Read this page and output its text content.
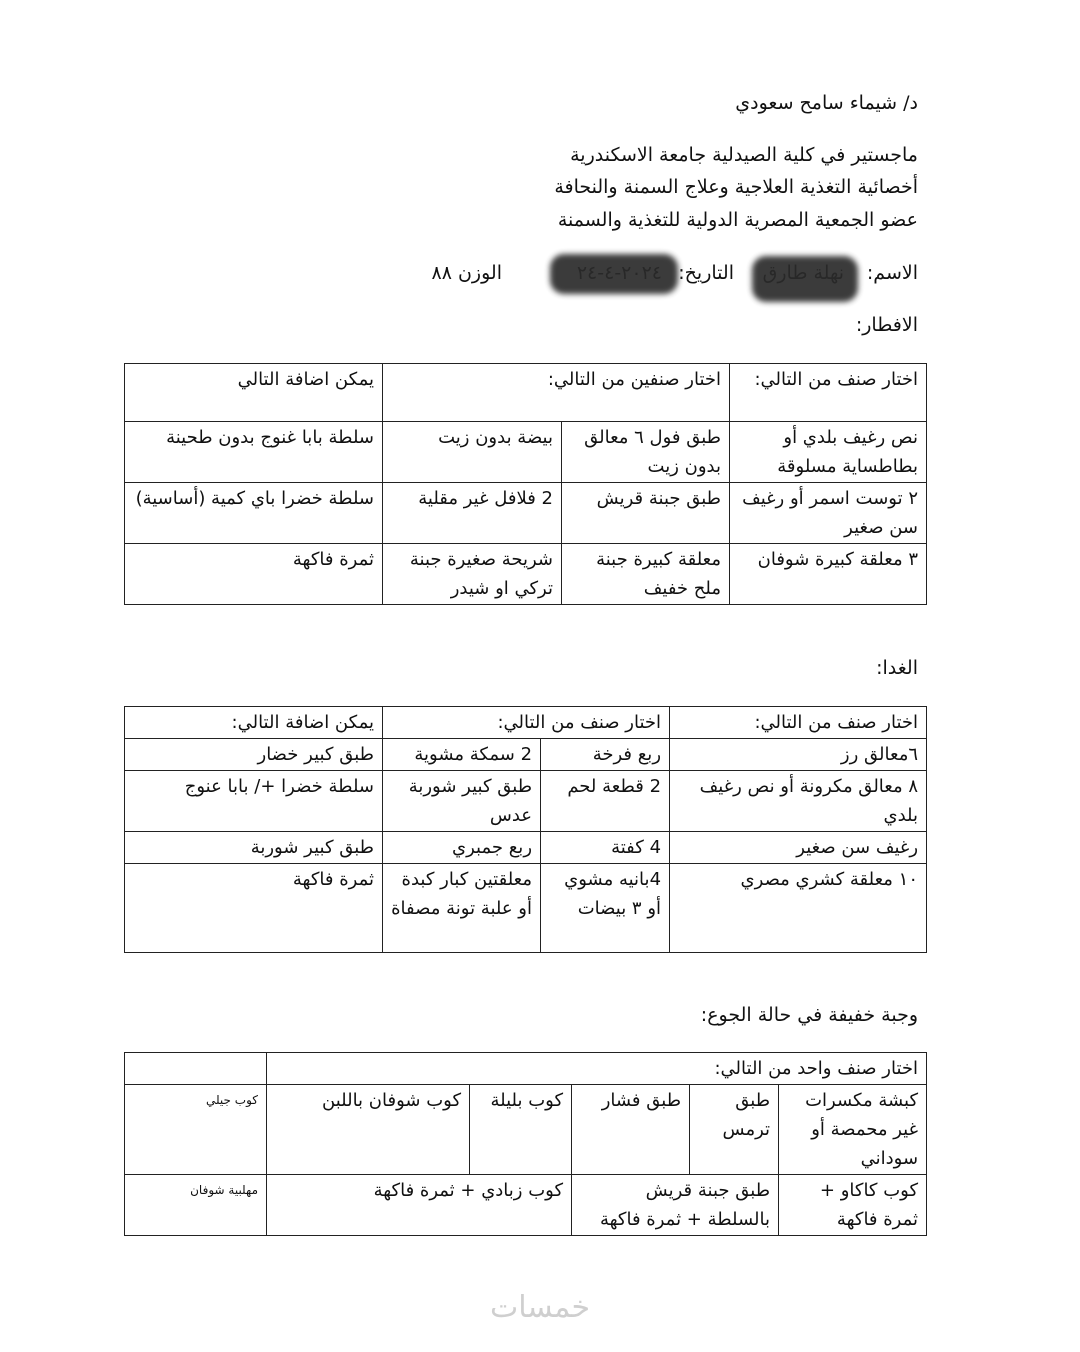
د/ شيماء سامح سعودي
ماجستير في كلية الصيدلية جامعة الاسكندرية
أخصائية التغذية العلاجية وعلاج السمنة والنحافة
عضو الجمعية المصرية الدولية للتغذية والسمنة
الاسم:
التاريخ:
الوزن ٨٨
الافطار:
اختار صنف من التالي:	اختار صنفين من التالي:		يمكن اضافة التالي
نص رغيف بلدي أو بطاطساية مسلوقة	طبق فول ٦ معالق بدون زيت	بيضة بدون زيت	سلطة بابا غنوج بدون طحينة
٢ توست اسمر أو رغيف سن صغير	طبق جبنة قريش	2 فلافل غير مقلية	سلطة خضرا باي كمية (أساسية)
٣ معلقة كبيرة شوفان	معلقة كبيرة جبنة ملح خفيف	شريحة صغيرة جبنة تركي او شيدر	ثمرة فاكهة
الغدا:
اختار صنف من التالي:	اختار صنف من التالي:		يمكن اضافة التالي:
٦معالق رز	ربع فرخة	2 سمكة مشوية	طبق كبير خضار
٨ معالق مكرونة أو نص رغيف بلدي	2 قطعة لحم	طبق كبير شوربة عدس	سلطة خضرا +/ بابا عنوج
رغيف سن صغير	4 كفتة	ربع جمبري	طبق كبير شوربة
١٠ معلقة كشري مصري	4بانيه مشوي أو ٣ بيضات	معلقتين كبار كبدة أو علبة تونة مصفاة	ثمرة فاكهة
وجبة خفيفة في حالة الجوع:
اختار صنف واحد من التالي:					
كبشة مكسرات غير محمصة أو سوداني	طبق ترمس	طبق فشار	كوب بليلة	كوب شوفان باللبن	كوب جيلي
كوب كاكاو + ثمرة فاكهة	طبق جبنة قريش بالسلطة + ثمرة فاكهة		كوب زبادي + ثمرة فاكهة		مهلبية شوفان
خمسات
